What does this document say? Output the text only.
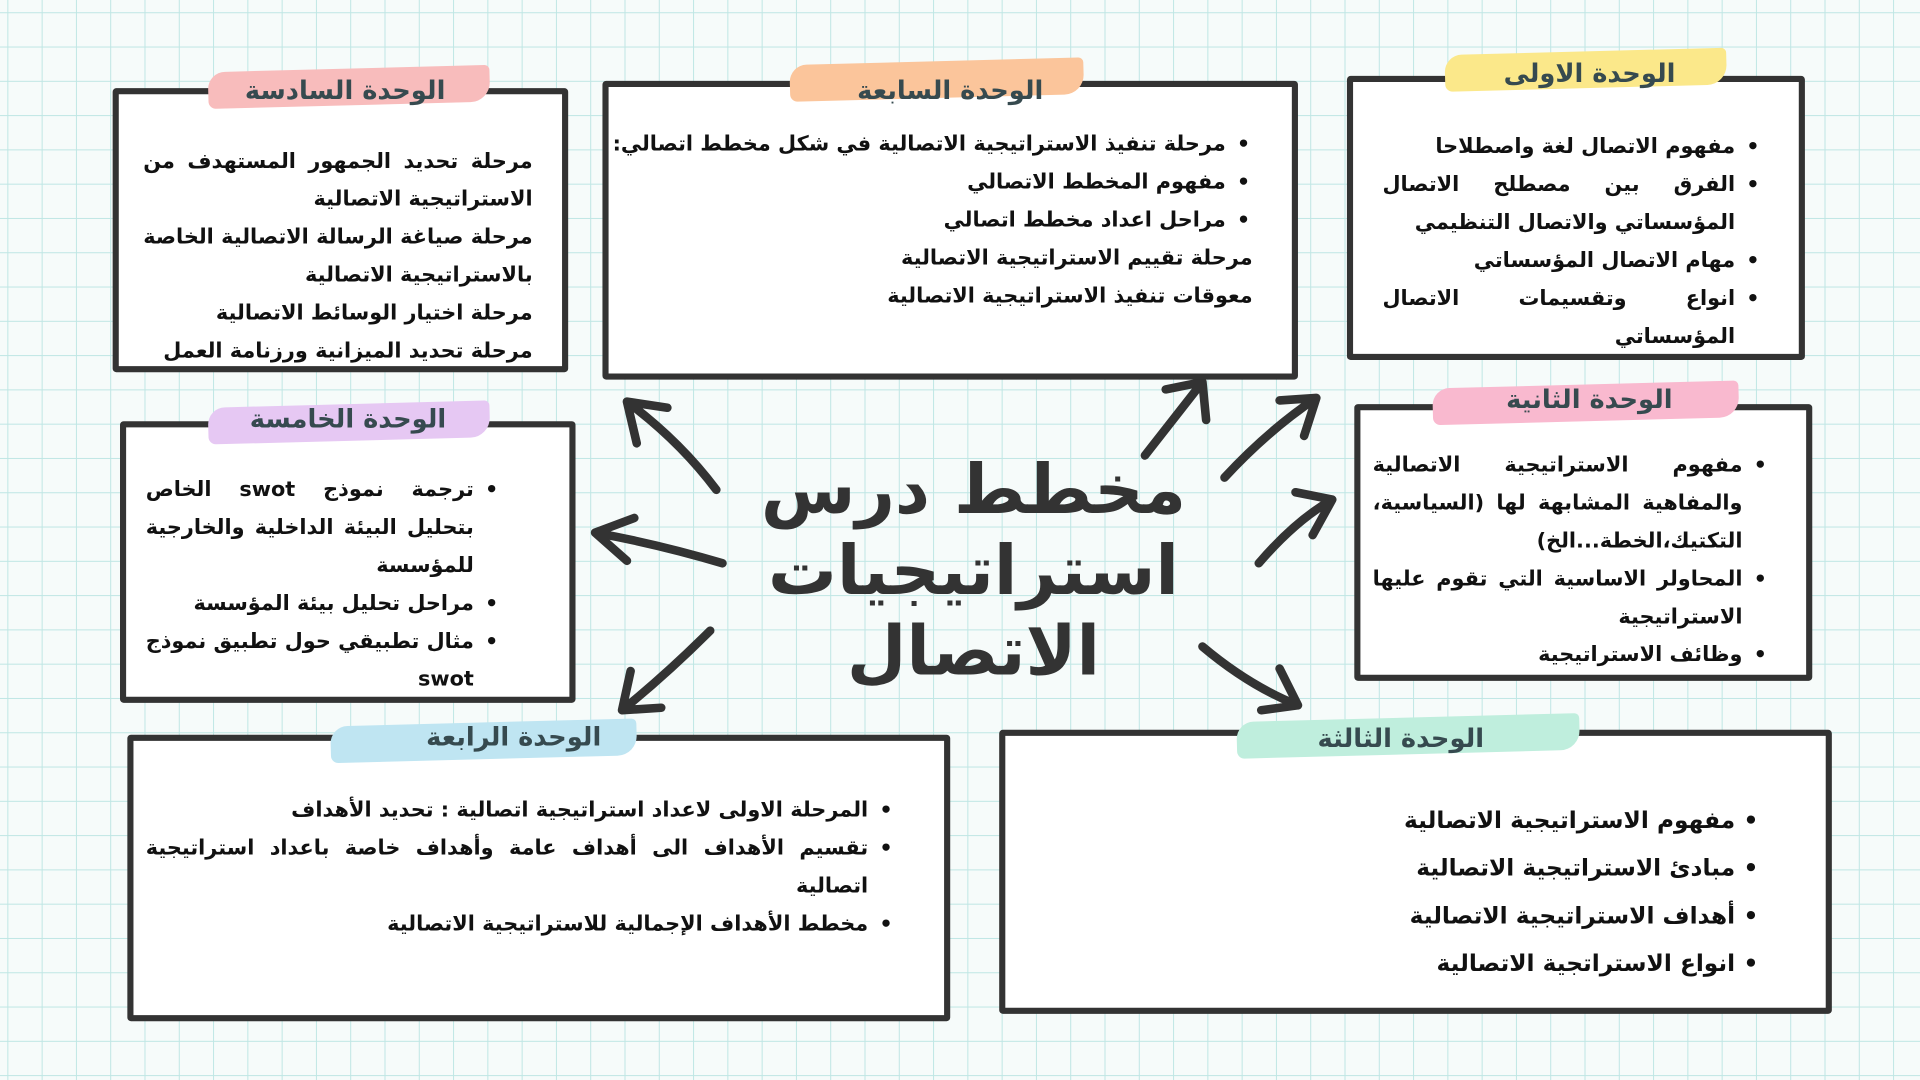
مخطط درس
استراتيجيات الاتصال
• مفهوم الاتصال لغة واصطلاحا
• الفرق بين مصطلح الاتصال المؤسساتي والاتصال التنظيمي
• مهام الاتصال المؤسساتي
• انواع وتقسيمات الاتصال المؤسساتي
الوحدة الاولى
• مفهوم الاستراتيجية الاتصالية والمفاهية المشابهة لها (السياسية، التكتيك،الخطة...الخ)
• المحاولر الاساسية التي تقوم عليها الاستراتيجية
• وظائف الاستراتيجية
الوحدة الثانية
• مفهوم الاستراتيجية الاتصالية
• مبادئ الاستراتيجية الاتصالية
• أهداف الاستراتيجية الاتصالية
• انواع الاستراتجية الاتصالية
الوحدة الثالثة
• المرحلة الاولى لاعداد استراتيجية اتصالية : تحديد الأهداف
• تقسيم الأهداف الى أهداف عامة وأهداف خاصة باعداد استراتيجية اتصالية
• مخطط الأهداف الإجمالية للاستراتيجية الاتصالية
الوحدة الرابعة
• ترجمة نموذج swot الخاص بتحليل البيئة الداخلية والخارجية للمؤسسة
• مراحل تحليل بيئة المؤسسة
• مثال تطبيقي حول تطبيق نموذج swot
الوحدة الخامسة
مرحلة تحديد الجمهور المستهدف من الاستراتيجية الاتصالية
مرحلة صياغة الرسالة الاتصالية الخاصة بالاستراتيجية الاتصالية
مرحلة اختيار الوسائط الاتصالية
مرحلة تحديد الميزانية ورزنامة العمل
الوحدة السادسة
• مرحلة تنفيذ الاستراتيجية الاتصالية في شكل مخطط اتصالي:
• مفهوم المخطط الاتصالي
• مراحل اعداد مخطط اتصالي
مرحلة تقييم الاستراتيجية الاتصالية
معوقات تنفيذ الاستراتيجية الاتصالية
الوحدة السابعة
